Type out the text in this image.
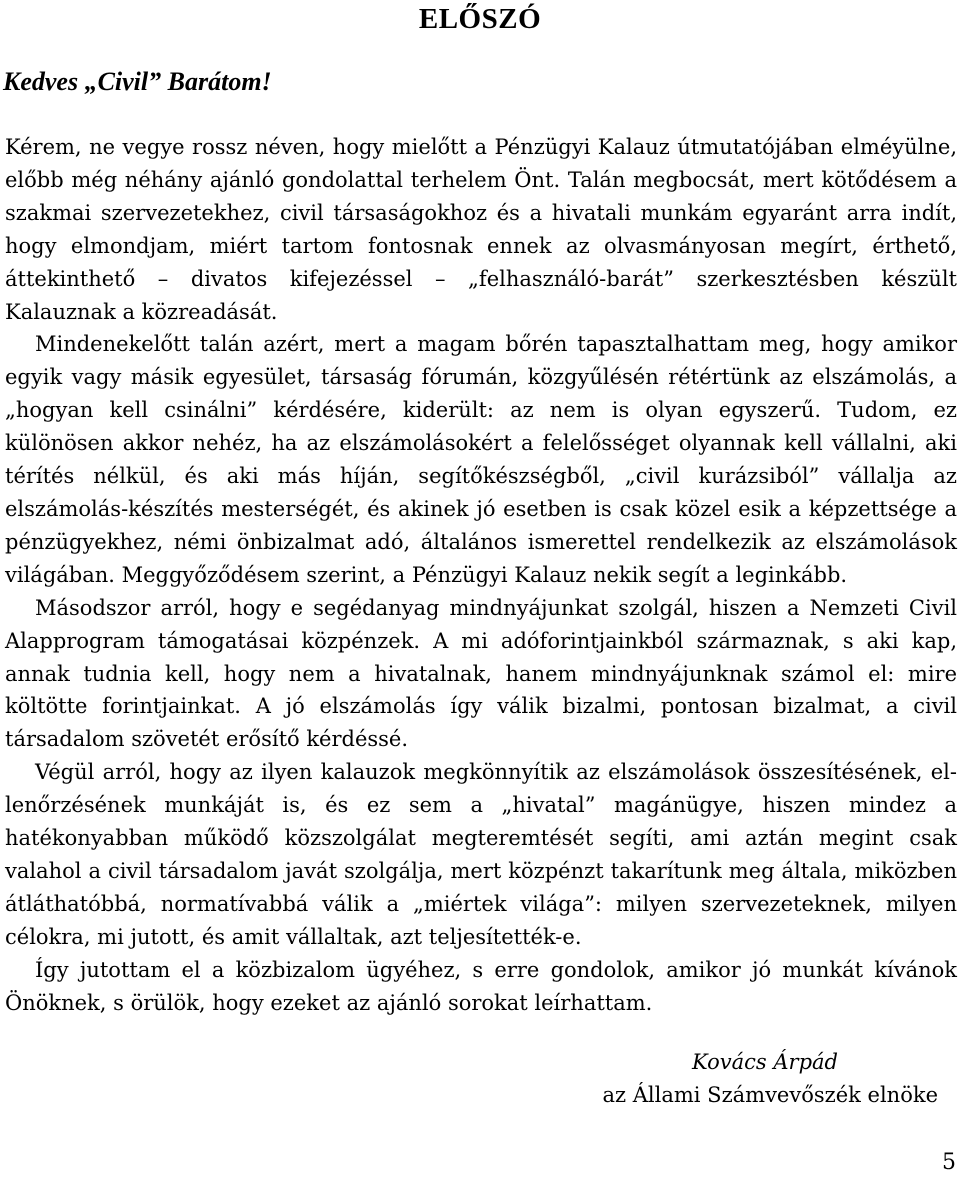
ELŐSZÓ
Kedves „Civil” Barátom!

Kérem, ne vegye rossz néven, hogy mielőtt a Pénzügyi Kalauz útmutatójában elméyülne, előbb még néhány ajánló gondolattal terhelem Önt. Talán megbocsát, mert kötődésem a szakmai szervezetekhez, civil társaságokhoz és a hivatali munkám egyaránt arra indít, hogy elmondjam, miért tartom fontosnak ennek az olvasmányosan megírt, érthető, áttekinthető – divatos kifejezéssel – „felhasználó-barát” szerkesztésben készült Kalauznak a közreadását.

Mindenekelőtt talán azért, mert a magam bőrén tapasztalhattam meg, hogy amikor egyik vagy másik egyesület, társaság fórumán, közgyűlésén rétértünk az elszámolás, a „hogyan kell csinálni” kérdésére, kiderült: az nem is olyan egyszerű. Tudom, ez különösen akkor nehéz, ha az elszámolásokért a felelősséget olyannak kell vállalni, aki térítés nélkül, és aki más híján, segítőkészségből, „civil kurázsiból” vállalja az elszámolás-készítés mesterségét, és akinek jó esetben is csak közel esik a képzettsége a pénzügyekhez, némi önbizalmat adó, általános ismerettel rendelkezik az elszámolások világában. Meggyőződésem szerint, a Pénzügyi Kalauz nekik segít a leginkább.

Másodszor arról, hogy e segédanyag mindnyájunkat szolgál, hiszen a Nemzeti Civil Alapprogram támogatásai közpénzek. A mi adóforintjainkból származnak, s aki kap, annak tudnia kell, hogy nem a hivatalnak, hanem mindnyájunknak számol el: mire költötte forintjainkat. A jó elszámolás így válik bizalmi, pontosan bizalmat, a civil társadalom szövetét erősítő kérdéssé.

Végül arról, hogy az ilyen kalauzok megkönnyítik az elszámolások összesítésének, el-lenőrzésének munkáját is, és ez sem a „hivatal” magánügye, hiszen mindez a hatékonyabban működő közszolgálat megteremtését segíti, ami aztán megint csak valahol a civil társadalom javát szolgálja, mert közpénzt takarítunk meg általa, miközben átláthatóbbá, normatívabbá válik a „miértek világa”: milyen szervezeteknek, milyen célokra, mi jutott, és amit vállaltak, azt teljesítették-e.

Így jutottam el a közbizalom ügyéhez, s erre gondolok, amikor jó munkát kívánok Önöknek, s örülök, hogy ezeket az ajánló sorokat leírhattam.

Kovács Árpád
az Állami Számvevőszék elnöke
5
